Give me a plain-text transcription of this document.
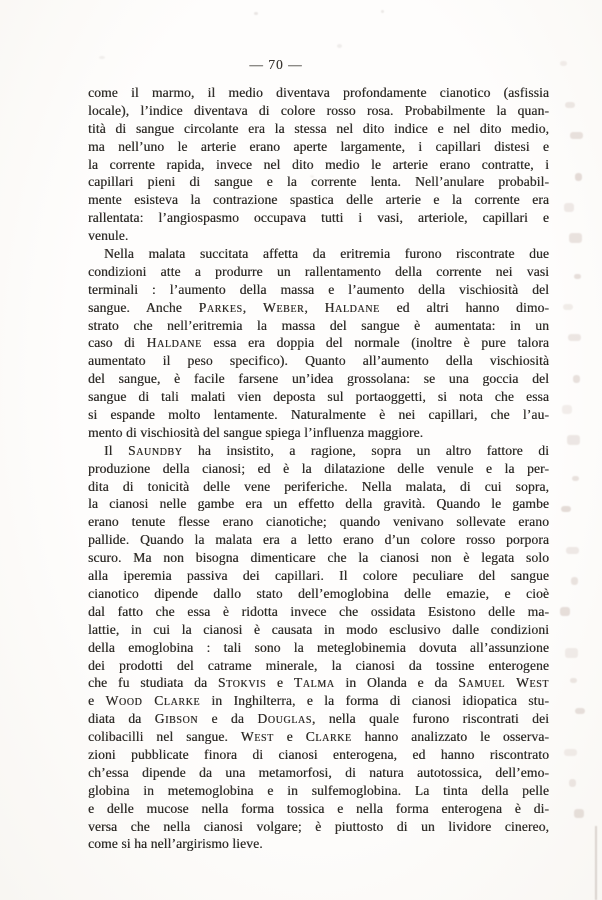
— 70 —
come il marmo, il medio diventava profondamente cianotico (asfissia
locale), l’indice diventava di colore rosso rosa. Probabilmente la quan-
tità di sangue circolante era la stessa nel dito indice e nel dito medio,
ma nell’uno le arterie erano aperte largamente, i capillari distesi e
la corrente rapida, invece nel dito medio le arterie erano contratte, i
capillari pieni di sangue e la corrente lenta. Nell’anulare probabil-
mente esisteva la contrazione spastica delle arterie e la corrente era
rallentata: l’angiospasmo occupava tutti i vasi, arteriole, capillari e
venule.
Nella malata succitata affetta da eritremia furono riscontrate due
condizioni atte a produrre un rallentamento della corrente nei vasi
terminali : l’aumento della massa e l’aumento della vischiosità del
sangue. Anche Parkes, Weber, Haldane ed altri hanno dimo-
strato che nell’eritremia la massa del sangue è aumentata: in un
caso di Haldane essa era doppia del normale (inoltre è pure talora
aumentato il peso specifico). Quanto all’aumento della vischiosità
del sangue, è facile farsene un’idea grossolana: se una goccia del
sangue di tali malati vien deposta sul portaoggetti, si nota che essa
si espande molto lentamente. Naturalmente è nei capillari, che l’au-
mento di vischiosità del sangue spiega l’influenza maggiore.
Il Saundby ha insistito, a ragione, sopra un altro fattore di
produzione della cianosi; ed è la dilatazione delle venule e la per-
dita di tonicità delle vene periferiche. Nella malata, di cui sopra,
la cianosi nelle gambe era un effetto della gravità. Quando le gambe
erano tenute flesse erano cianotiche; quando venivano sollevate erano
pallide. Quando la malata era a letto erano d’un colore rosso porpora
scuro. Ma non bisogna dimenticare che la cianosi non è legata solo
alla iperemia passiva dei capillari. Il colore peculiare del sangue
cianotico dipende dallo stato dell’emoglobina delle emazie, e cioè
dal fatto che essa è ridotta invece che ossidata Esistono delle ma-
lattie, in cui la cianosi è causata in modo esclusivo dalle condizioni
della emoglobina : tali sono la meteglobinemia dovuta all’assunzione
dei prodotti del catrame minerale, la cianosi da tossine enterogene
che fu studiata da Stokvis e Talma in Olanda e da Samuel West
e Wood Clarke in Inghilterra, e la forma di cianosi idiopatica stu-
diata da Gibson e da Douglas, nella quale furono riscontrati dei
colibacilli nel sangue. West e Clarke hanno analizzato le osserva-
zioni pubblicate finora di cianosi enterogena, ed hanno riscontrato
ch’essa dipende da una metamorfosi, di natura autotossica, dell’emo-
globina in metemoglobina e in sulfemoglobina. La tinta della pelle
e delle mucose nella forma tossica e nella forma enterogena è di-
versa che nella cianosi volgare; è piuttosto di un lividore cinereo,
come si ha nell’argirismo lieve.
